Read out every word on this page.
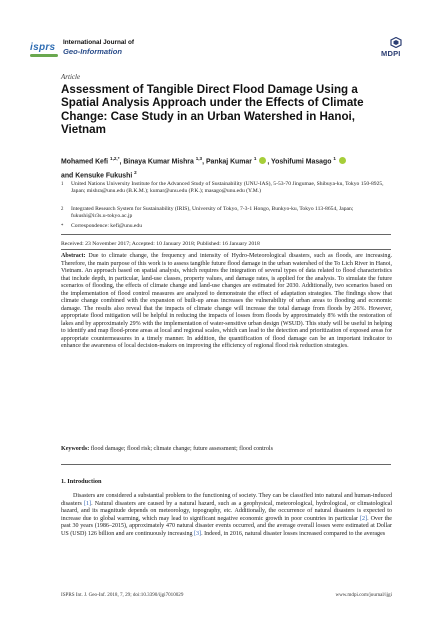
isprs International Journal of
Geo-Information	MDPI
Article
Assessment of Tangible Direct Flood Damage Using a Spatial Analysis Approach under the Effects of Climate Change: Case Study in an Urban Watershed in Hanoi, Vietnam
Mohamed Kefi $^{1,2,*}$, Binaya Kumar Mishra $^{1,3}$, Pankaj Kumar $^1$ , Yoshifumi Masago $^1$
and Kensuke Fukushi $^2$
1 United Nations University Institute for the Advanced Study of Sustainability (UNU-IAS), 5-53-70 Jingumae, Shibuya-ku, Tokyo 150-8925, Japan; mishra@unu.edu (B.K.M.); kumar@unu.edu (P.K.); masago@unu.edu (Y.M.)
2 Integrated Research System for Sustainability (IRIS), University of Tokyo, 7-3-1 Hongo, Bunkyo-ku, Tokyo 113-8654, Japan; fukushi@ir3s.u-tokyo.ac.jp
* Correspondence: kefi@unu.edu
Received: 23 November 2017; Accepted: 10 January 2018; Published: 16 January 2018
Abstract: Due to climate change, the frequency and intensity of Hydro-Meteorological disasters, such as floods, are increasing. Therefore, the main purpose of this work is to assess tangible future flood damage in the urban watershed of the To Lich River in Hanoi, Vietnam. An approach based on spatial analysis, which requires the integration of several types of data related to flood characteristics that include depth, in particular, land-use classes, property values, and damage rates, is applied for the analysis. To simulate the future scenarios of flooding, the effects of climate change and land-use changes are estimated for 2030. Additionally, two scenarios based on the implementation of flood control measures are analyzed to demonstrate the effect of adaptation strategies. The findings show that climate change combined with the expansion of built-up areas increases the vulnerability of urban areas to flooding and economic damage. The results also reveal that the impacts of climate change will increase the total damage from floods by 26%. However, appropriate flood mitigation will be helpful in reducing the impacts of losses from floods by approximately 8% with the restoration of lakes and by approximately 29% with the implementation of water-sensitive urban design (WSUD). This study will be useful in helping to identify and map flood-prone areas at local and regional scales, which can lead to the detection and prioritization of exposed areas for appropriate countermeasures in a timely manner. In addition, the quantification of flood damage can be an important indicator to enhance the awareness of local decision-makers on improving the efficiency of regional flood risk reduction strategies.
Keywords: flood damage; flood risk; climate change; future assessment; flood controls
1. Introduction
Disasters are considered a substantial problem to the functioning of society. They can be classified into natural and human-induced disasters [1]. Natural disasters are caused by a natural hazard, such as a geophysical, meteorological, hydrological, or climatological hazard, and its magnitude depends on meteorology, topography, etc. Additionally, the occurrence of natural disasters is expected to increase due to global warming, which may lead to significant negative economic growth in poor countries in particular [2]. Over the past 30 years (1986–2015), approximately 470 natural disaster events occurred, and the average overall losses were estimated at Dollar US (USD) 126 billion and are continuously increasing [3]. Indeed, in 2016, natural disaster losses increased compared to the averages
ISPRS Int. J. Geo-Inf. 2018, 7, 29; doi:10.3390/ijgi7010029	www.mdpi.com/journal/ijgi
